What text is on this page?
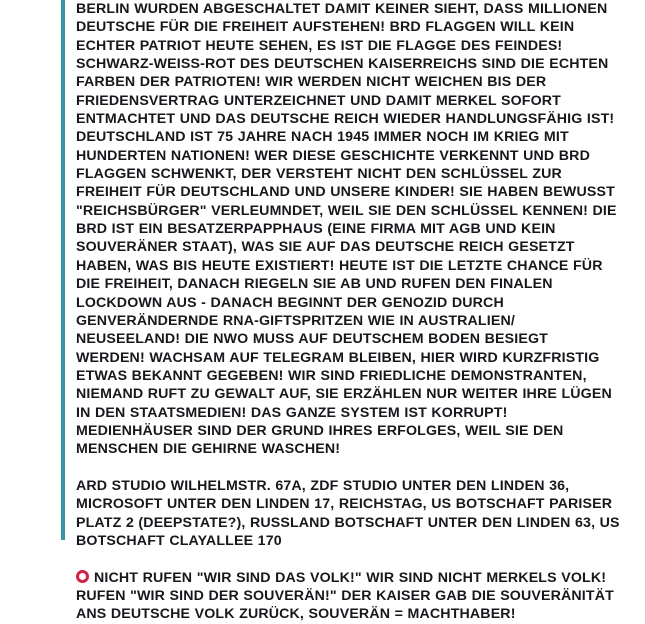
BERLIN WURDEN ABGESCHALTET DAMIT KEINER SIEHT, DASS MILLIONEN DEUTSCHE FÜR DIE FREIHEIT AUFSTEHEN! BRD FLAGGEN WILL KEIN ECHTER PATRIOT HEUTE SEHEN, ES IST DIE FLAGGE DES FEINDES! SCHWARZ-WEISS-ROT DES DEUTSCHEN KAISERREICHS SIND DIE ECHTEN FARBEN DER PATRIOTEN! WIR WERDEN NICHT WEICHEN BIS DER FRIEDENSVERTRAG UNTERZEICHNET UND DAMIT MERKEL SOFORT ENTMACHTET UND DAS DEUTSCHE REICH WIEDER HANDLUNGSFÄHIG IST! DEUTSCHLAND IST 75 JAHRE NACH 1945 IMMER NOCH IM KRIEG MIT HUNDERTEN NATIONEN! WER DIESE GESCHICHTE VERKENNT UND BRD FLAGGEN SCHWENKT, DER VERSTEHT NICHT DEN SCHLÜSSEL ZUR FREIHEIT FÜR DEUTSCHLAND UND UNSERE KINDER! SIE HABEN BEWUSST "REICHSBÜRGER" VERLEUMNDET, WEIL SIE DEN SCHLÜSSEL KENNEN! DIE BRD IST EIN BESATZERPAPPHAUS (EINE FIRMA MIT AGB UND KEIN SOUVERÄNER STAAT), WAS SIE AUF DAS DEUTSCHE REICH GESETZT HABEN, WAS BIS HEUTE EXISTIERT! HEUTE IST DIE LETZTE CHANCE FÜR DIE FREIHEIT, DANACH RIEGELN SIE AB UND RUFEN DEN FINALEN LOCKDOWN AUS - DANACH BEGINNT DER GENOZID DURCH GENVERÄNDERNDE RNA-GIFTSPRITZEN WIE IN AUSTRALIEN/ NEUSEELAND! DIE NWO MUSS AUF DEUTSCHEM BODEN BESIEGT WERDEN! WACHSAM AUF TELEGRAM BLEIBEN, HIER WIRD KURZFRISTIG ETWAS BEKANNT GEGEBEN! WIR SIND FRIEDLICHE DEMONSTRANTEN, NIEMAND RUFT ZU GEWALT AUF, SIE ERZÄHLEN NUR WEITER IHRE LÜGEN IN DEN STAATSMEDIEN! DAS GANZE SYSTEM IST KORRUPT! MEDIENHÄUSER SIND DER GRUND IHRES ERFOLGES, WEIL SIE DEN MENSCHEN DIE GEHIRNE WASCHEN!

ARD STUDIO WILHELMSTR. 67A, ZDF STUDIO UNTER DEN LINDEN 36, MICROSOFT UNTER DEN LINDEN 17, REICHSTAG, US BOTSCHAFT PARISER PLATZ 2 (DEEPSTATE?), RUSSLAND BOTSCHAFT UNTER DEN LINDEN 63, US BOTSCHAFT CLAYALLEE 170

NICHT RUFEN "WIR SIND DAS VOLK!" WIR SIND NICHT MERKELS VOLK! RUFEN "WIR SIND DER SOUVERÄN!" DER KAISER GAB DIE SOUVERÄNITÄT ANS DEUTSCHE VOLK ZURÜCK, SOUVERÄN = MACHTHABER!
